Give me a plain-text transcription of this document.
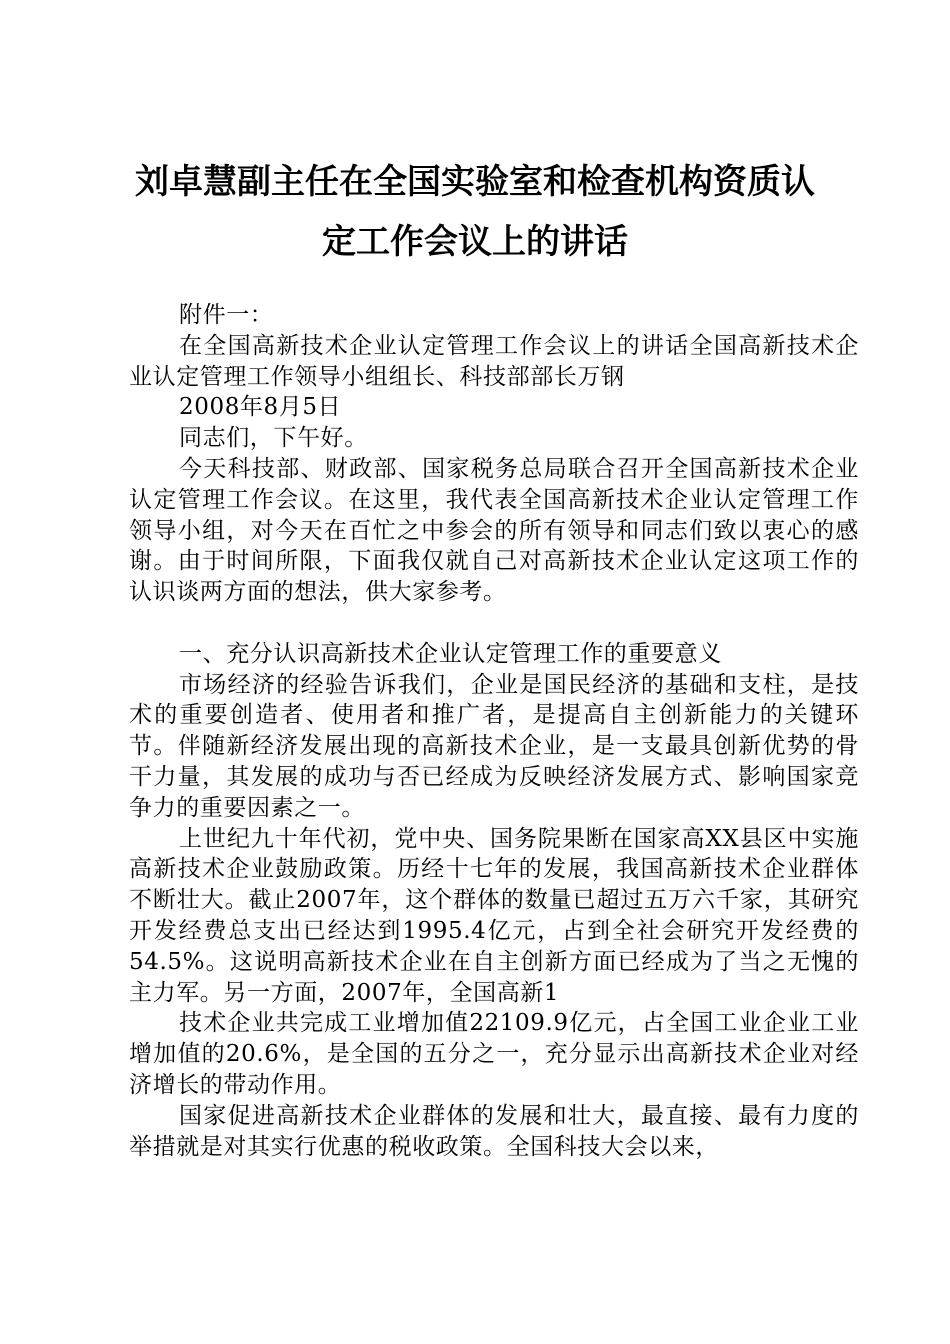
刘卓慧副主任在全国实验室和检查机构资质认
定工作会议上的讲话

附件一：

在全国高新技术企业认定管理工作会议上的讲话全国高新技术企业认定管理工作领导小组组长、科技部部长万钢

2008年8月5日

同志们，下午好。

今天科技部、财政部、国家税务总局联合召开全国高新技术企业认定管理工作会议。在这里，我代表全国高新技术企业认定管理工作领导小组，对今天在百忙之中参会的所有领导和同志们致以衷心的感谢。由于时间所限，下面我仅就自己对高新技术企业认定这项工作的认识谈两方面的想法，供大家参考。

一、充分认识高新技术企业认定管理工作的重要意义

市场经济的经验告诉我们，企业是国民经济的基础和支柱，是技术的重要创造者、使用者和推广者，是提高自主创新能力的关键环节。伴随新经济发展出现的高新技术企业，是一支最具创新优势的骨干力量，其发展的成功与否已经成为反映经济发展方式、影响国家竞争力的重要因素之一。

上世纪九十年代初，党中央、国务院果断在国家高XX县区中实施高新技术企业鼓励政策。历经十七年的发展，我国高新技术企业群体不断壮大。截止2007年，这个群体的数量已超过五万六千家，其研究开发经费总支出已经达到1995.4亿元，占到全社会研究开发经费的54.5%。这说明高新技术企业在自主创新方面已经成为了当之无愧的主力军。另一方面，2007年，全国高新1

技术企业共完成工业增加值22109.9亿元，占全国工业企业工业增加值的20.6%，是全国的五分之一，充分显示出高新技术企业对经济增长的带动作用。

国家促进高新技术企业群体的发展和壮大，最直接、最有力度的举措就是对其实行优惠的税收政策。全国科技大会以来，
